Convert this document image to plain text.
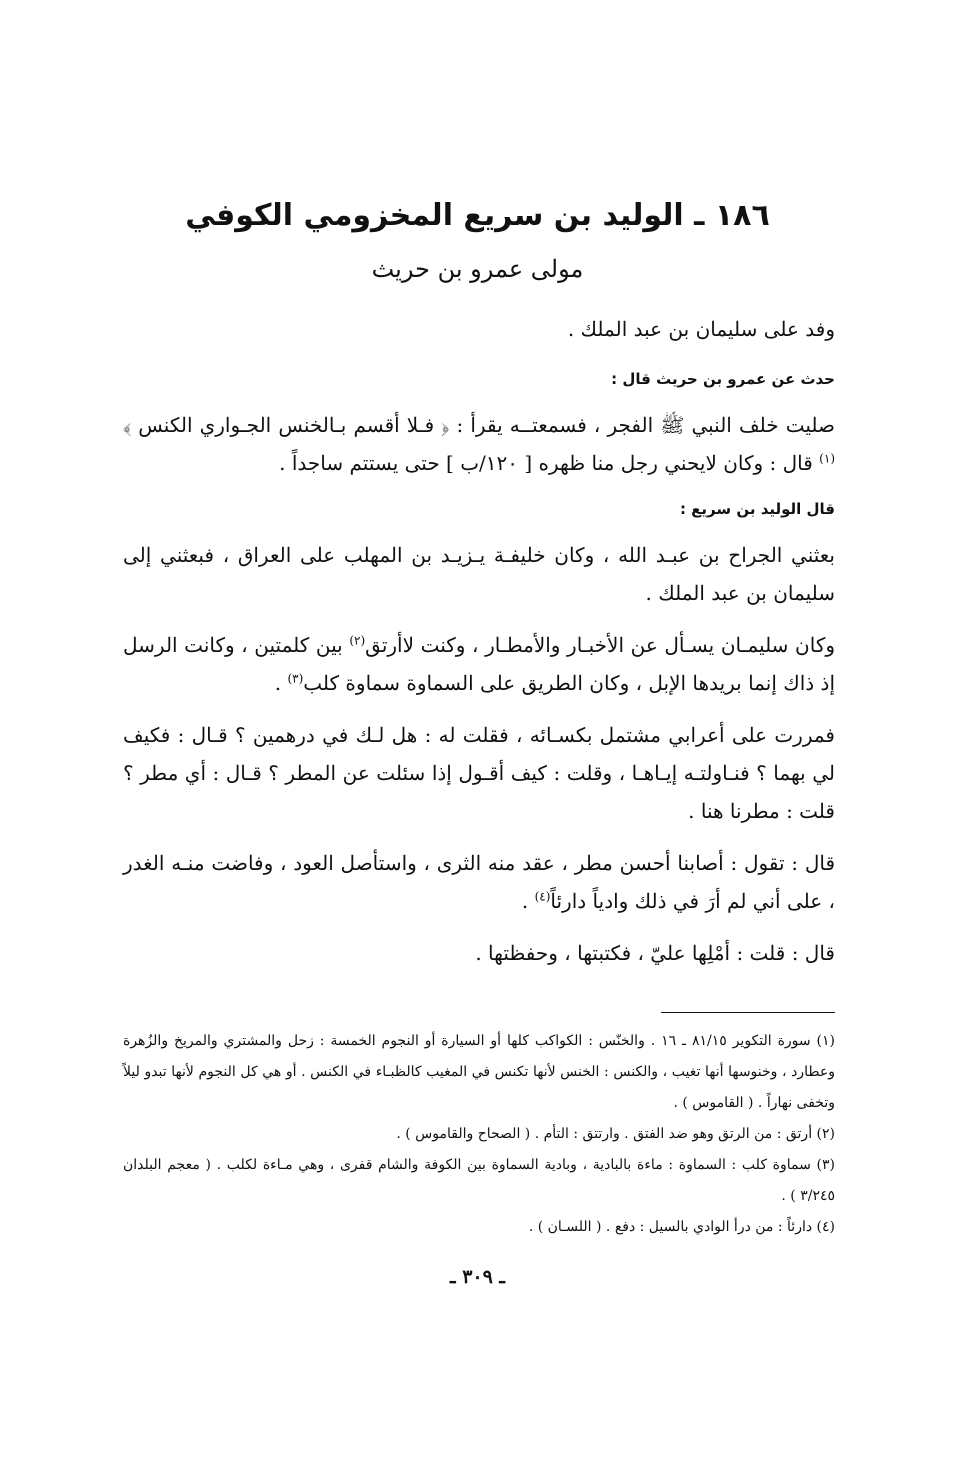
١٨٦ ـ الوليد بن سريع المخزومي الكوفي
مولى عمرو بن حريث

وفد على سليمان بن عبد الملك .

حدث عن عمرو بن حريث قال :

صليت خلف النبي ﷺ الفجر ، فسمعتــه يقرأ : ﴿ فـلا أقسم بـالخنس الجـواري الكنس ﴾$^{(١)}$ قال : وكان لايحني رجل منا ظهره [ ١٢٠/ب ] حتى يستتم ساجداً .

قال الوليد بن سريع :

بعثني الجراح بن عبـد الله ، وكان خليفـة يـزيـد بن المهلب على العراق ، فبعثني إلى سليمان بن عبد الملك .

وكان سليمـان يسـأل عن الأخبـار والأمطـار ، وكنت لاأرتق$^{(٢)}$ بين كلمتين ، وكانت الرسل إذ ذاك إنما بريدها الإبل ، وكان الطريق على السماوة سماوة كلب$^{(٣)}$ .

فمررت على أعرابي مشتمل بكسـائه ، فقلت له : هل لـك في درهمين ؟ قـال : فكيف لي بهما ؟ فنـاولتـه إيـاهـا ، وقلت : كيف أقـول إذا سئلت عن المطر ؟ قـال : أي مطر ؟ قلت : مطرنا هنا .

قال : تقول : أصابنا أحسن مطر ، عقد منه الثرى ، واستأصل العود ، وفاضت منـه الغدر ، على أني لم أرَ في ذلك وادياً دارئاً$^{(٤)}$ .

قال : قلت : أمْلِها عليّ ، فكتبتها ، وحفظتها .

(١) سورة التكوير ٨١/١٥ ـ ١٦ . والخنّس : الكواكب كلها أو السيارة أو النجوم الخمسة : زحل والمشتري والمريخ والزُهرة وعطارد ، وخنوسها أنها تغيب ، والكنس : الخنس لأنها تكنس في المغيب كالظبـاء في الكنس . أو هي كل النجوم لأنها تبدو ليلاً وتخفى نهاراً . ( القاموس ) .

(٢) أرتق : من الرتق وهو ضد الفتق . وارتتق : التأم . ( الصحاح والقاموس ) .

(٣) سماوة كلب : السماوة : ماءة بالبادية ، وبادية السماوة بين الكوفة والشام قفرى ، وهي مـاءة لكلب . ( معجم البلدان ٣/٢٤٥ ) .

(٤) دارئاً : من درأ الوادي بالسيل : دفع . ( اللسـان ) .

ـ ٣٠٩ ـ
